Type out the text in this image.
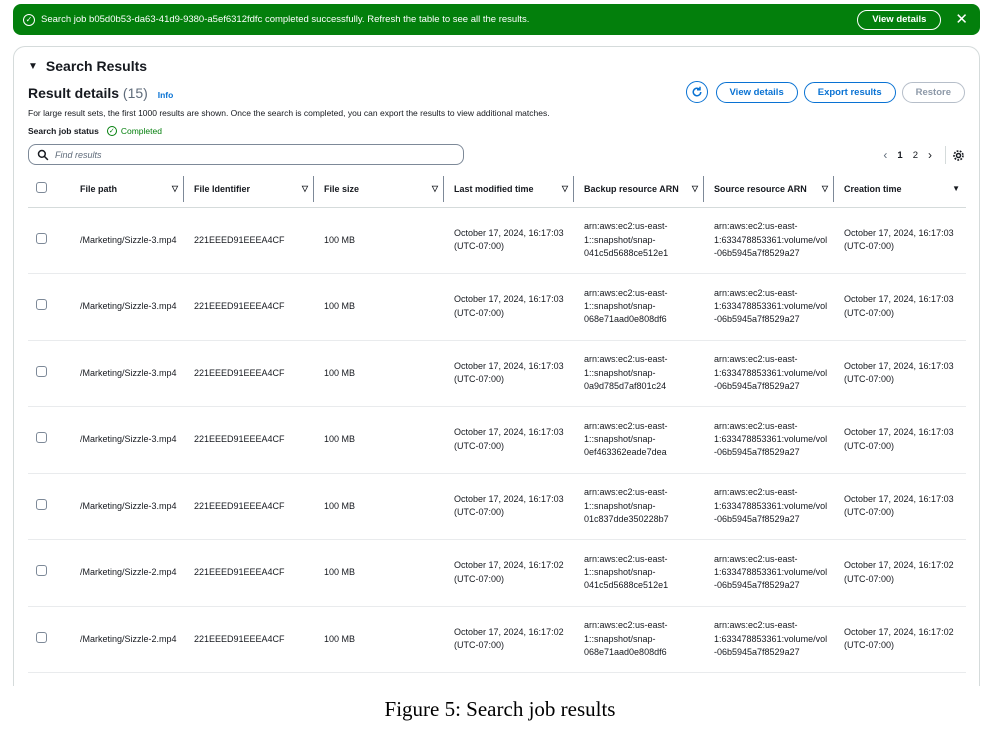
✓ Search job b05d0b53-da63-41d9-9380-a5ef6312fdfc completed successfully. Refresh the table to see all the results.	View details	✕
▼ Search Results
Result details (15) Info
For large result sets, the first 1000 results are shown. Once the search is completed, you can export the results to view additional matches.
Search job status ✓ Completed
View details	Export results	Restore
Find results
‹ 1 2 ›

	File path ▽	File Identifier ▽	File size ▽	Last modified time ▽	Backup resource ARN ▽	Source resource ARN ▽	Creation time ▼

	/Marketing/Sizzle-3.mp4	221EEED91EEEA4CF	100 MB	October 17, 2024, 16:17:03 (UTC-07:00)	arn:aws:ec2:us-east-1::snapshot/snap-041c5d5688ce512e1	arn:aws:ec2:us-east-1:633478853361:volume/vol-06b5945a7f8529a27	October 17, 2024, 16:17:03 (UTC-07:00)
	/Marketing/Sizzle-3.mp4	221EEED91EEEA4CF	100 MB	October 17, 2024, 16:17:03 (UTC-07:00)	arn:aws:ec2:us-east-1::snapshot/snap-068e71aad0e808df6	arn:aws:ec2:us-east-1:633478853361:volume/vol-06b5945a7f8529a27	October 17, 2024, 16:17:03 (UTC-07:00)
	/Marketing/Sizzle-3.mp4	221EEED91EEEA4CF	100 MB	October 17, 2024, 16:17:03 (UTC-07:00)	arn:aws:ec2:us-east-1::snapshot/snap-0a9d785d7af801c24	arn:aws:ec2:us-east-1:633478853361:volume/vol-06b5945a7f8529a27	October 17, 2024, 16:17:03 (UTC-07:00)
	/Marketing/Sizzle-3.mp4	221EEED91EEEA4CF	100 MB	October 17, 2024, 16:17:03 (UTC-07:00)	arn:aws:ec2:us-east-1::snapshot/snap-0ef463362eade7dea	arn:aws:ec2:us-east-1:633478853361:volume/vol-06b5945a7f8529a27	October 17, 2024, 16:17:03 (UTC-07:00)
	/Marketing/Sizzle-3.mp4	221EEED91EEEA4CF	100 MB	October 17, 2024, 16:17:03 (UTC-07:00)	arn:aws:ec2:us-east-1::snapshot/snap-01c837dde350228b7	arn:aws:ec2:us-east-1:633478853361:volume/vol-06b5945a7f8529a27	October 17, 2024, 16:17:03 (UTC-07:00)
	/Marketing/Sizzle-2.mp4	221EEED91EEEA4CF	100 MB	October 17, 2024, 16:17:02 (UTC-07:00)	arn:aws:ec2:us-east-1::snapshot/snap-041c5d5688ce512e1	arn:aws:ec2:us-east-1:633478853361:volume/vol-06b5945a7f8529a27	October 17, 2024, 16:17:02 (UTC-07:00)
	/Marketing/Sizzle-2.mp4	221EEED91EEEA4CF	100 MB	October 17, 2024, 16:17:02 (UTC-07:00)	arn:aws:ec2:us-east-1::snapshot/snap-068e71aad0e808df6	arn:aws:ec2:us-east-1:633478853361:volume/vol-06b5945a7f8529a27	October 17, 2024, 16:17:02 (UTC-07:00)
Figure 5: Search job results
